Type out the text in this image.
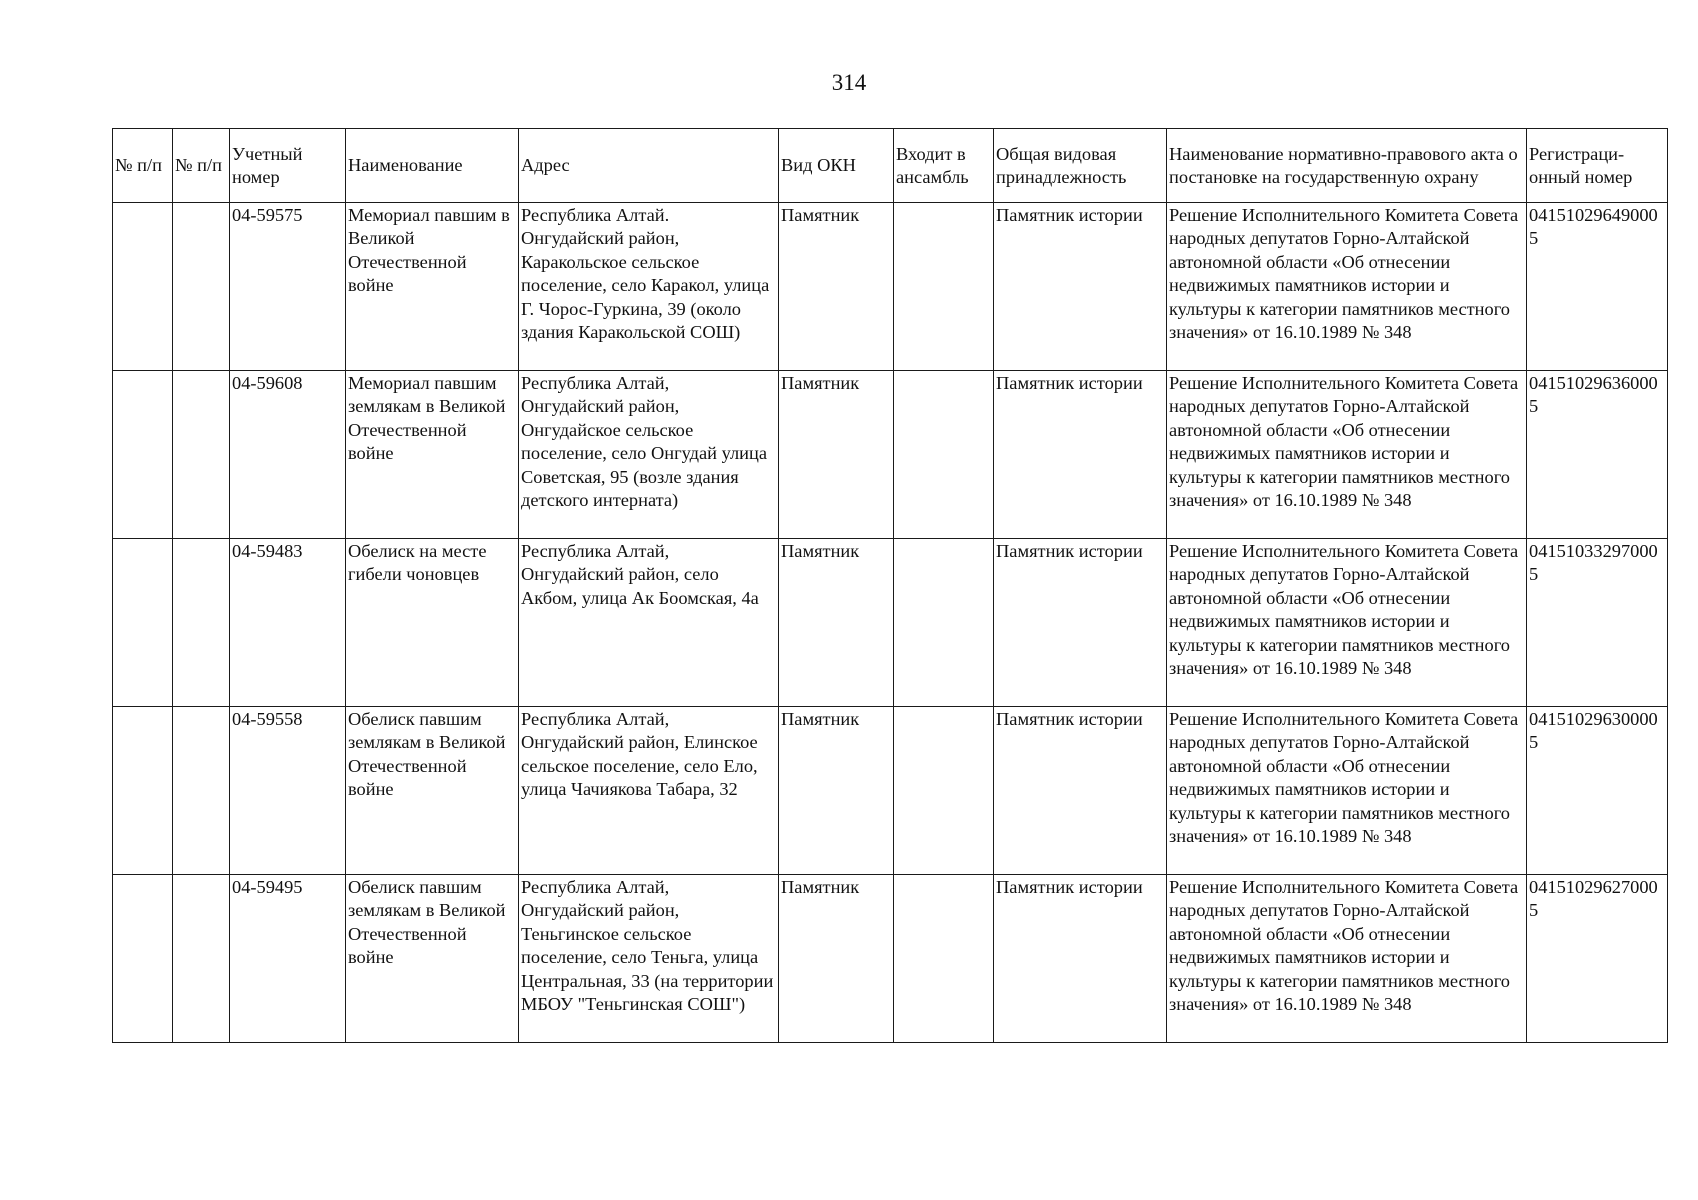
314
№ п/п	№ п/п	Учетный номер	Наименование	Адрес	Вид ОКН	Входит в ансамбль	Общая видовая принадлежность	Наименование нормативно-правового акта о постановке на государственную охрану	Регистраци-онный номер
		04-59575	Мемориал павшим в Великой Отечественной войне	Республика Алтай. Онгудайский район, Каракольское сельское поселение, село Каракол, улица Г. Чорос-Гуркина, 39 (около здания Каракольской СОШ)	Памятник		Памятник истории	Решение Исполнительного Комитета Совета народных депутатов Горно-Алтайской автономной области «Об отнесении недвижимых памятников истории и культуры к категории памятников местного значения» от 16.10.1989 № 348	041510296490005
		04-59608	Мемориал павшим землякам в Великой Отечественной войне	Республика Алтай, Онгудайский район, Онгудайское сельское поселение, село Онгудай улица Советская, 95 (возле здания детского интерната)	Памятник		Памятник истории	Решение Исполнительного Комитета Совета народных депутатов Горно-Алтайской автономной области «Об отнесении недвижимых памятников истории и культуры к категории памятников местного значения» от 16.10.1989 № 348	041510296360005
		04-59483	Обелиск на месте гибели чоновцев	Республика Алтай, Онгудайский район, село Акбом, улица Ак Боомская, 4а	Памятник		Памятник истории	Решение Исполнительного Комитета Совета народных депутатов Горно-Алтайской автономной области «Об отнесении недвижимых памятников истории и культуры к категории памятников местного значения» от 16.10.1989 № 348	041510332970005
		04-59558	Обелиск павшим землякам в Великой Отечественной войне	Республика Алтай, Онгудайский район, Елинское сельское поселение, село Ело, улица Чачиякова Табара, 32	Памятник		Памятник истории	Решение Исполнительного Комитета Совета народных депутатов Горно-Алтайской автономной области «Об отнесении недвижимых памятников истории и культуры к категории памятников местного значения» от 16.10.1989 № 348	041510296300005
		04-59495	Обелиск павшим землякам в Великой Отечественной войне	Республика Алтай, Онгудайский район, Теньгинское сельское поселение, село Теньга, улица Центральная, 33 (на территории МБОУ "Теньгинская СОШ")	Памятник		Памятник истории	Решение Исполнительного Комитета Совета народных депутатов Горно-Алтайской автономной области «Об отнесении недвижимых памятников истории и культуры к категории памятников местного значения» от 16.10.1989 № 348	041510296270005
